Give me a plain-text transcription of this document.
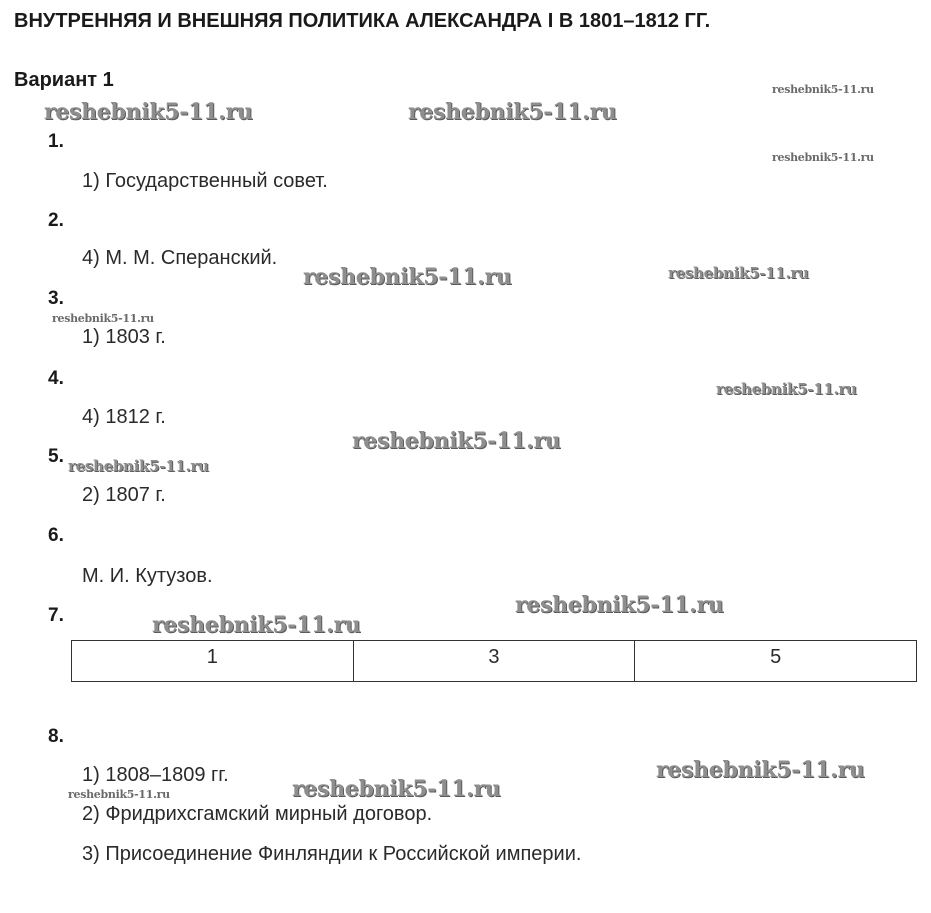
ВНУТРЕННЯЯ И ВНЕШНЯЯ ПОЛИТИКА АЛЕКСАНДРА I В 1801–1812 ГГ.
Вариант 1
1.
1) Государственный совет.
2.
4) М. М. Сперанский.
3.
1) 1803 г.
4.
4) 1812 г.
5.
2) 1807 г.
6.
М. И. Кутузов.
7.
1	3	5
8.
1) 1808–1809 гг.
2) Фридрихсгамский мирный договор.
3) Присоединение Финляндии к Российской империи.
reshebnik5-11.ru	reshebnik5-11.ru
reshebnik5-11.ru
reshebnik5-11.ru
reshebnik5-11.ru	reshebnik5-11.ru
reshebnik5-11.ru
reshebnik5-11.ru
reshebnik5-11.ru
reshebnik5-11.ru
reshebnik5-11.ru
reshebnik5-11.ru
reshebnik5-11.ru
reshebnik5-11.ru
reshebnik5-11.ru
